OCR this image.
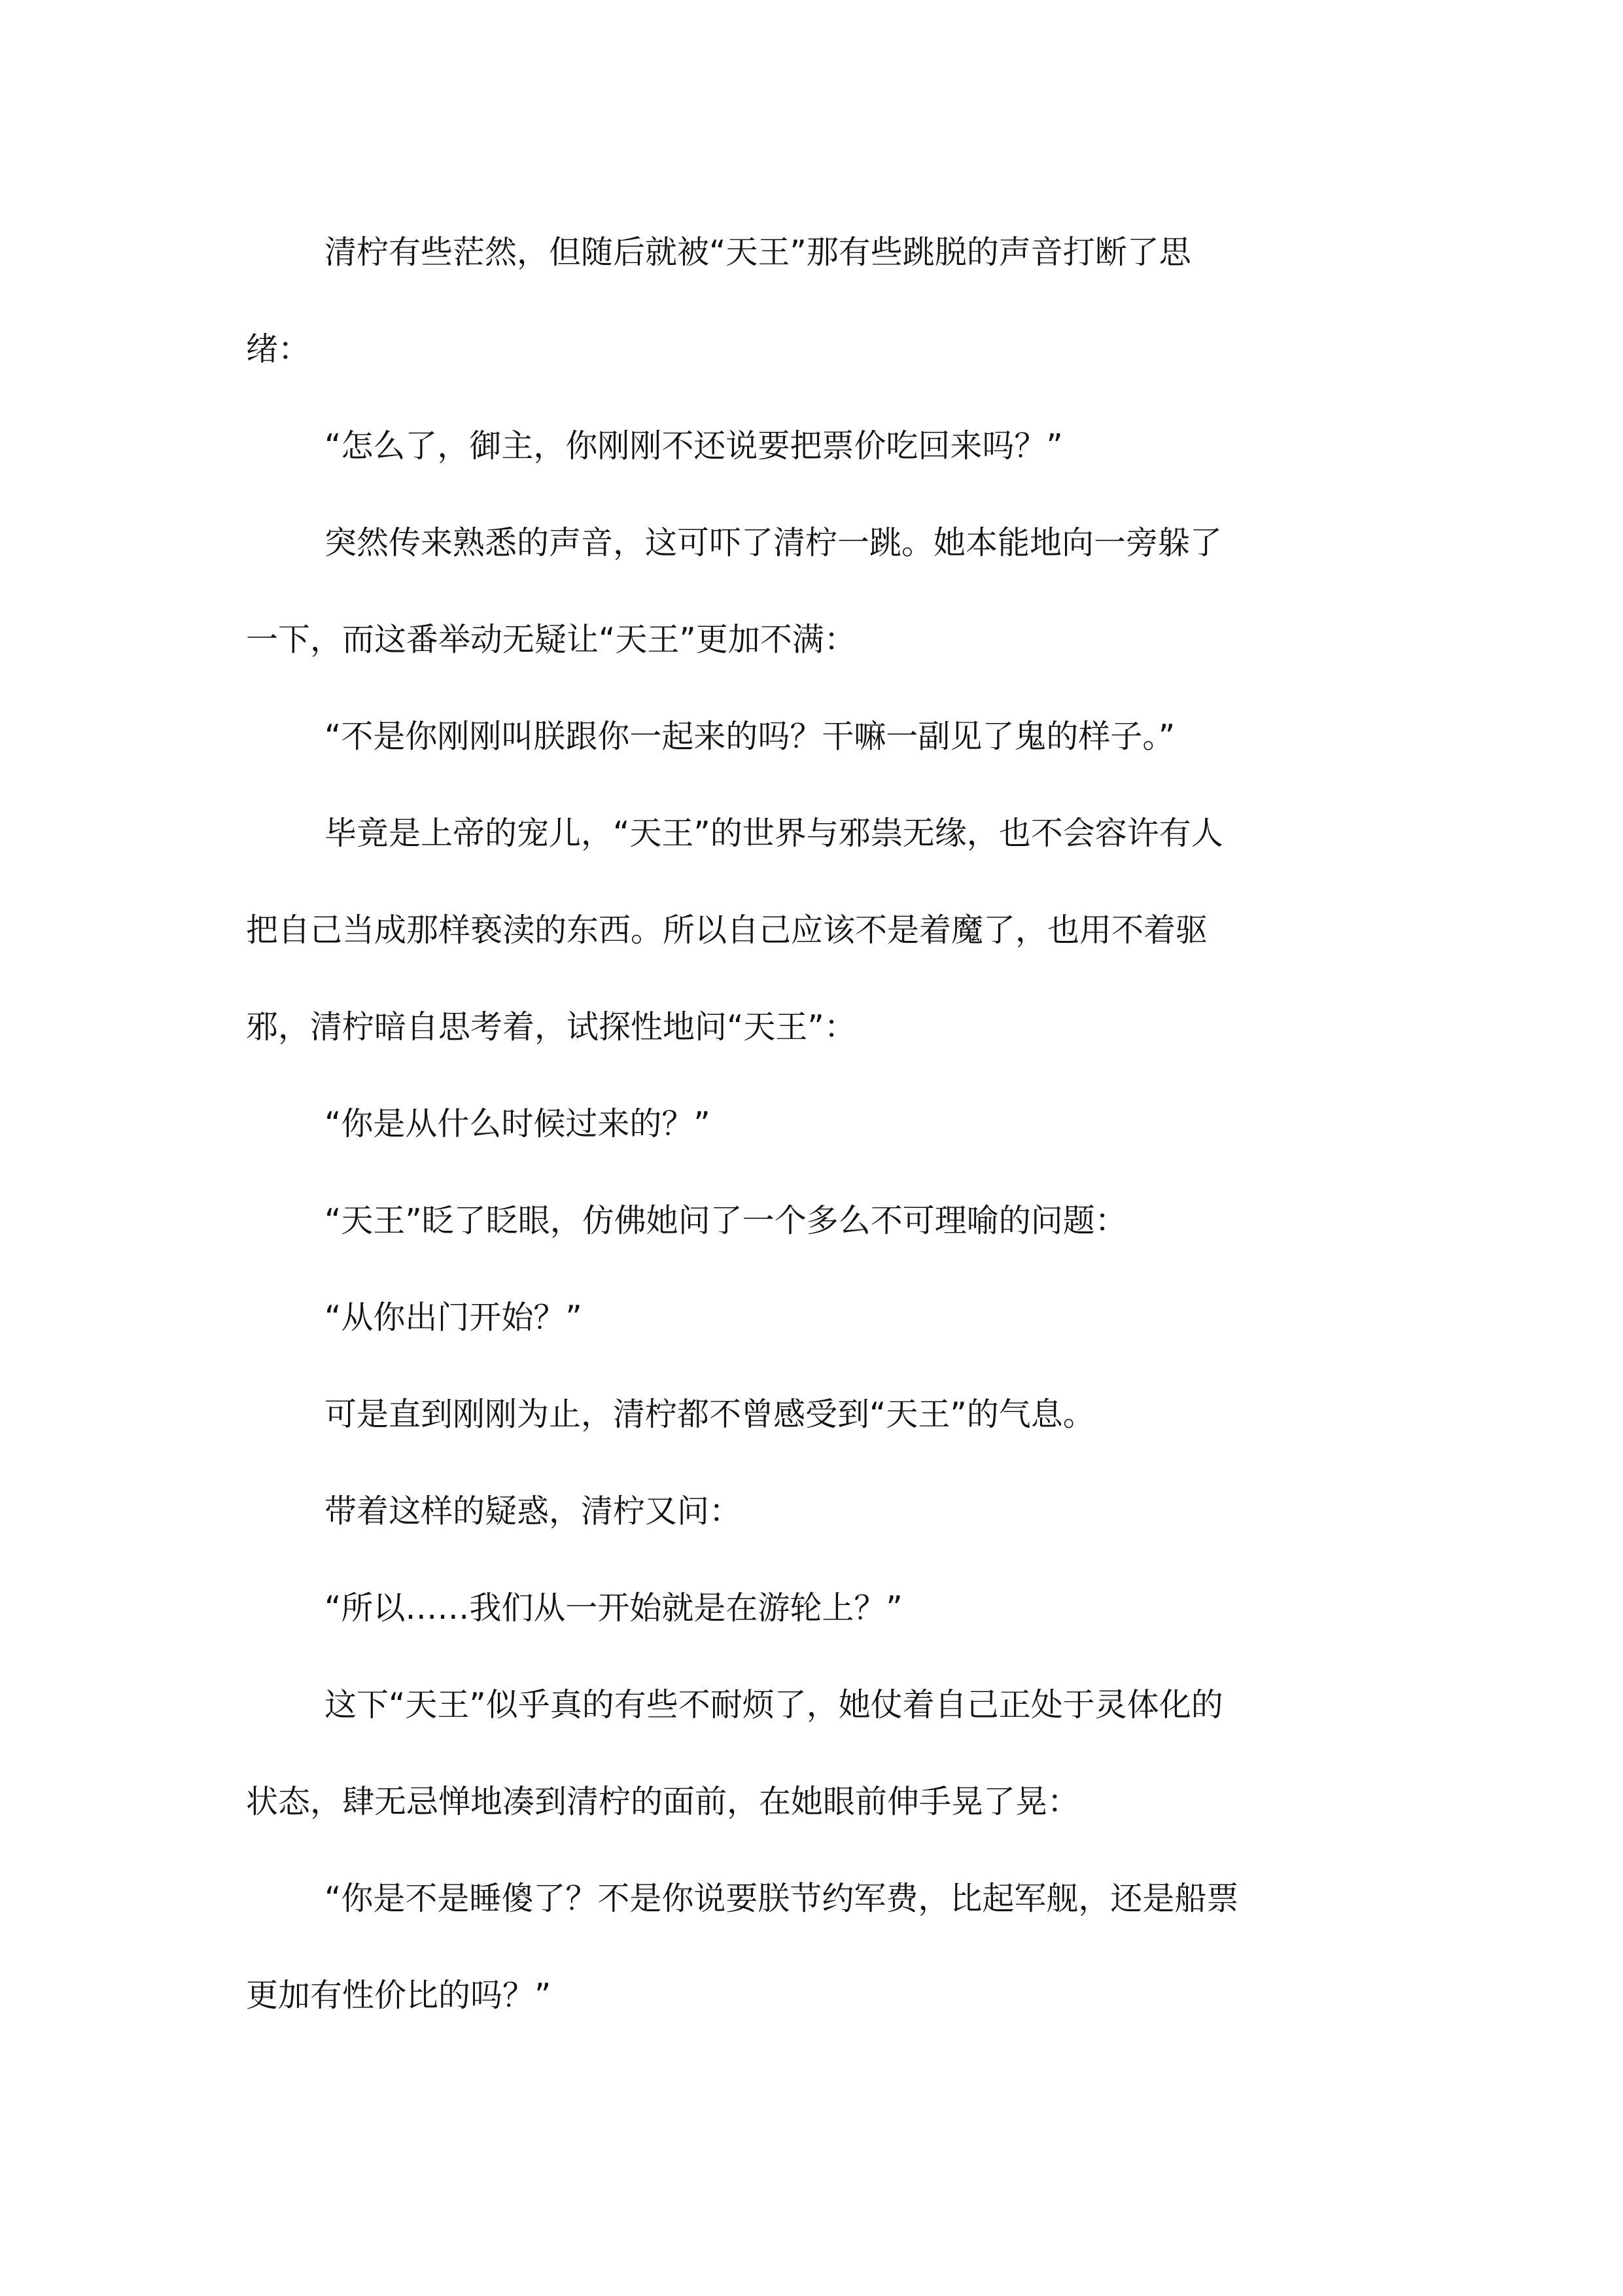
清柠有些茫然，但随后就被“天王”那有些跳脱的声音打断了思绪：

“怎么了，御主，你刚刚不还说要把票价吃回来吗？”

突然传来熟悉的声音，这可吓了清柠一跳。她本能地向一旁躲了一下，而这番举动无疑让“天王”更加不满：

“不是你刚刚叫朕跟你一起来的吗？干嘛一副见了鬼的样子。”

毕竟是上帝的宠儿，“天王”的世界与邪祟无缘，也不会容许有人把自己当成那样亵渎的东西。所以自己应该不是着魔了，也用不着驱邪，清柠暗自思考着，试探性地问“天王”：

“你是从什么时候过来的？”

“天王”眨了眨眼，仿佛她问了一个多么不可理喻的问题：

“从你出门开始？”

可是直到刚刚为止，清柠都不曾感受到“天王”的气息。

带着这样的疑惑，清柠又问：

“所以……我们从一开始就是在游轮上？”

这下“天王”似乎真的有些不耐烦了，她仗着自己正处于灵体化的状态，肆无忌惮地凑到清柠的面前，在她眼前伸手晃了晃：

“你是不是睡傻了？不是你说要朕节约军费，比起军舰，还是船票更加有性价比的吗？”
